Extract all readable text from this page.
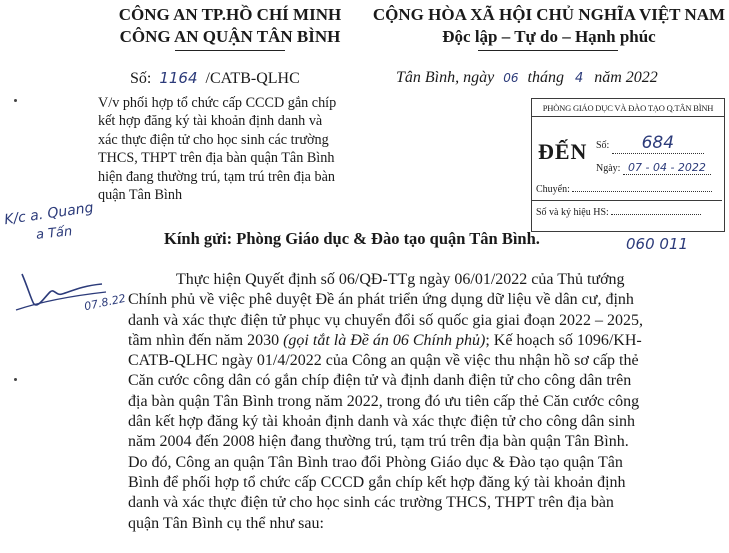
CÔNG AN TP.HỒ CHÍ MINH
CÔNG AN QUẬN TÂN BÌNH
CỘNG HÒA XÃ HỘI CHỦ NGHĨA VIỆT NAM
Độc lập – Tự do – Hạnh phúc
Số: 1164 /CATB-QLHC	Tân Bình, ngày 06 tháng 4 năm 2022
V/v phối hợp tổ chức cấp CCCD gắn chíp
kết hợp đăng ký tài khoản định danh và
xác thực điện tử cho học sinh các trường
THCS, THPT trên địa bàn quận Tân Bình
hiện đang thường trú, tạm trú trên địa bàn
quận Tân Bình
PHÒNG GIÁO DỤC VÀ ĐÀO TẠO Q.TÂN BÌNH
ĐẾN Số: 684
Ngày: 07 - 04 - 2022
Chuyển:
Số và ký hiệu HS:
K/c a. Quang
a Tấn
07.8.22
060 011
Kính gửi: Phòng Giáo dục & Đào tạo quận Tân Bình.
Thực hiện Quyết định số 06/QĐ-TTg ngày 06/01/2022 của Thủ tướng
Chính phủ về việc phê duyệt Đề án phát triển ứng dụng dữ liệu về dân cư, định
danh và xác thực điện tử phục vụ chuyển đổi số quốc gia giai đoạn 2022 – 2025,
tầm nhìn đến năm 2030 (gọi tắt là Đề án 06 Chính phủ); Kế hoạch số 1096/KH-
CATB-QLHC ngày 01/4/2022 của Công an quận về việc thu nhận hồ sơ cấp thẻ
Căn cước công dân có gắn chíp điện tử và định danh điện tử cho công dân trên
địa bàn quận Tân Bình trong năm 2022, trong đó ưu tiên cấp thẻ Căn cước công
dân kết hợp đăng ký tài khoản định danh và xác thực điện tử cho công dân sinh
năm 2004 đến 2008 hiện đang thường trú, tạm trú trên địa bàn quận Tân Bình.
Do đó, Công an quận Tân Bình trao đổi Phòng Giáo dục & Đào tạo quận Tân
Bình để phối hợp tổ chức cấp CCCD gắn chíp kết hợp đăng ký tài khoản định
danh và xác thực điện tử cho học sinh các trường THCS, THPT trên địa bàn
quận Tân Bình cụ thể như sau:
